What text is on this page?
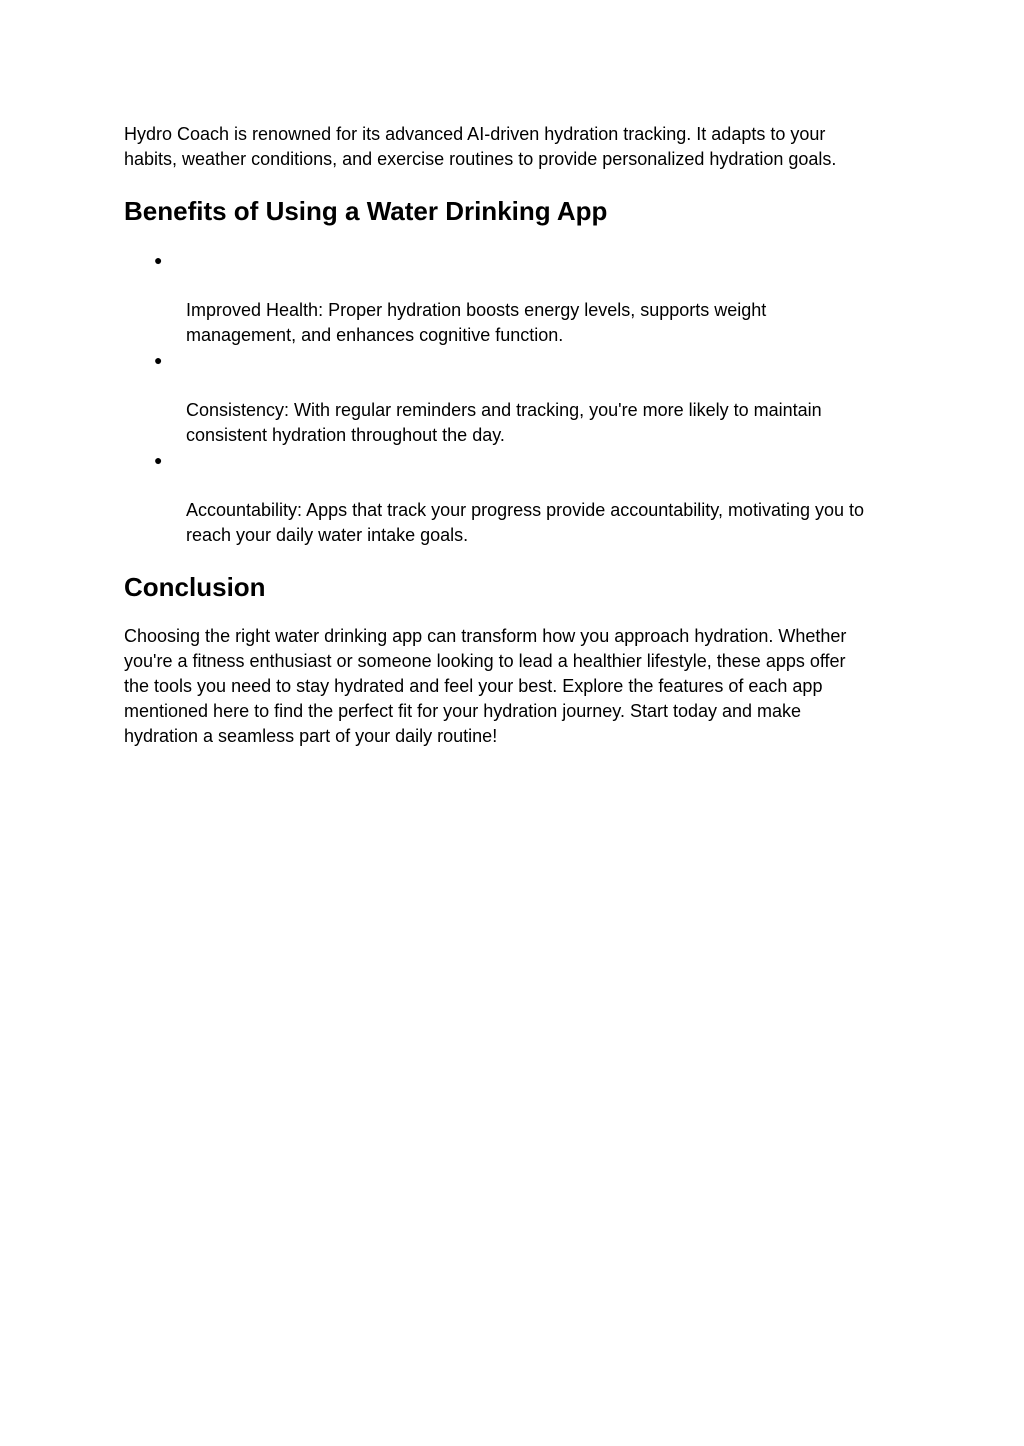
Hydro Coach is renowned for its advanced AI-driven hydration tracking. It adapts to your
habits, weather conditions, and exercise routines to provide personalized hydration goals.

Benefits of Using a Water Drinking App

●

Improved Health: Proper hydration boosts energy levels, supports weight
management, and enhances cognitive function.

●

Consistency: With regular reminders and tracking, you're more likely to maintain
consistent hydration throughout the day.

●

Accountability: Apps that track your progress provide accountability, motivating you to
reach your daily water intake goals.

Conclusion

Choosing the right water drinking app can transform how you approach hydration. Whether
you're a fitness enthusiast or someone looking to lead a healthier lifestyle, these apps offer
the tools you need to stay hydrated and feel your best. Explore the features of each app
mentioned here to find the perfect fit for your hydration journey. Start today and make
hydration a seamless part of your daily routine!
